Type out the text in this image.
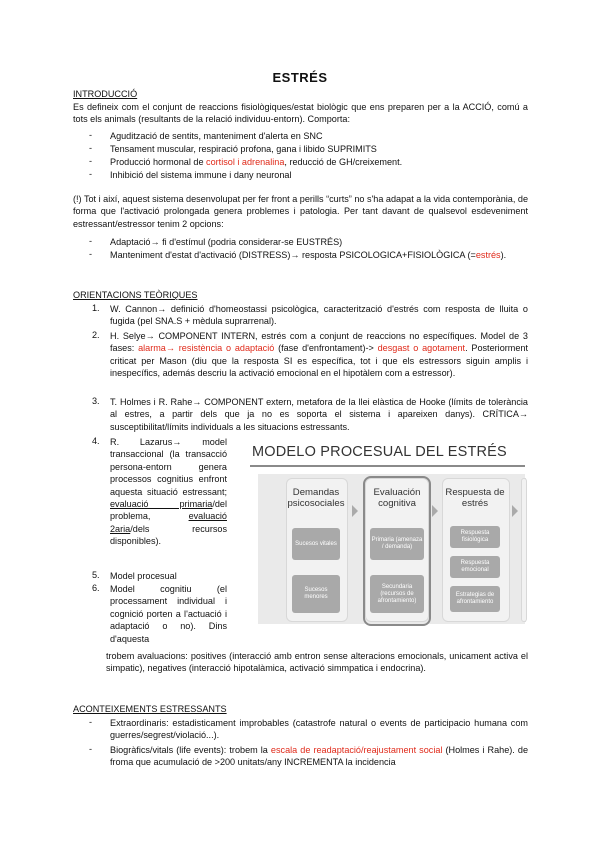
ESTRÉS
INTRODUCCIÓ
Es defineix com el conjunt de reaccions fisiològiques/estat biològic que ens preparen per a la ACCIÓ, comú a tots els animals (resultants de la relació individuu-entorn). Comporta:
- Agudització de sentits, manteniment d'alerta en SNC
- Tensament muscular, respiració profona, gana i libido SUPRIMITS
- Producció hormonal de cortisol i adrenalina, reducció de GH/creixement.
- Inhibició del sistema immune i dany neuronal
(!) Tot i així, aquest sistema desenvolupat per fer front a perills “curts” no s'ha adapat a la vida contemporània, de forma que l'activació prolongada genera problemes i patologia. Per tant davant de qualsevol esdeveniment estressant/estressor tenim 2 opcions:
- Adaptació→ fi d'estímul (podria considerar-se EUSTRÉS)
- Manteniment d'estat d'activació (DISTRESS)→ resposta PSICOLOGICA+FISIOLÒGICA (=estrés).
ORIENTACIONS TEÒRIQUES
1. W. Cannon→ definició d'homeostassi psicològica, caracterització d'estrés com resposta de lluita o fugida (pel SNA.S + mèdula suprarrenal).
2. H. Selye→ COMPONENT INTERN, estrés com a conjunt de reaccions no específiques. Model de 3 fases: alarma→ resistència o adaptació (fase d'enfrontament)-> desgast o agotament. Posteriorment criticat per Mason (diu que la resposta SI es específica, tot i que els estressors siguin amplis i inespecífics, además descriu la activació emocional en el hipotàlem com a estressor).
3. T. Holmes i R. Rahe→ COMPONENT extern, metafora de la llei elàstica de Hooke (límits de tolerància al estres, a partir dels que ja no es soporta el sistema i apareixen danys). CRÍTICA→ susceptibilitat/límits individuals a les situacions estressants.
4. R. Lazarus→ model transaccional (la transacció persona-entorn genera processos cognitius enfront aquesta situació estressant; evaluació primaria/del problema, evaluació 2aria/dels recursos disponibles).
5. Model procesual
6. Model cognitiu (el processament individual i cognició porten a l'actuació i adaptació o no). Dins d'aquesta
trobem avaluacions: positives (interacció amb entron sense alteracions emocionals, unicament activa el simpatic), negatives (interacció hipotalàmica, activació simmpatica i endocrina).
MODELO PROCESUAL DEL ESTRÉS
Demandas psicosociales
Sucesos vitales
Sucesos menores
Evaluación cognitiva
Primaria (amenaza / demanda)
Secundaria (recursos de afrontamiento)
Respuesta de estrés
Respuesta fisiológica
Respuesta emocional
Estrategias de afrontamiento
ACONTEIXEMENTS ESTRESSANTS
- Extraordinaris: estadisticament improbables (catastrofe natural o events de participacio humana com guerres/segrest/violació...).
- Biogràfics/vitals (life events): trobem la escala de readaptació/reajustament social (Holmes i Rahe). de froma que acumulació de >200 unitats/any INCREMENTA la incidencia
